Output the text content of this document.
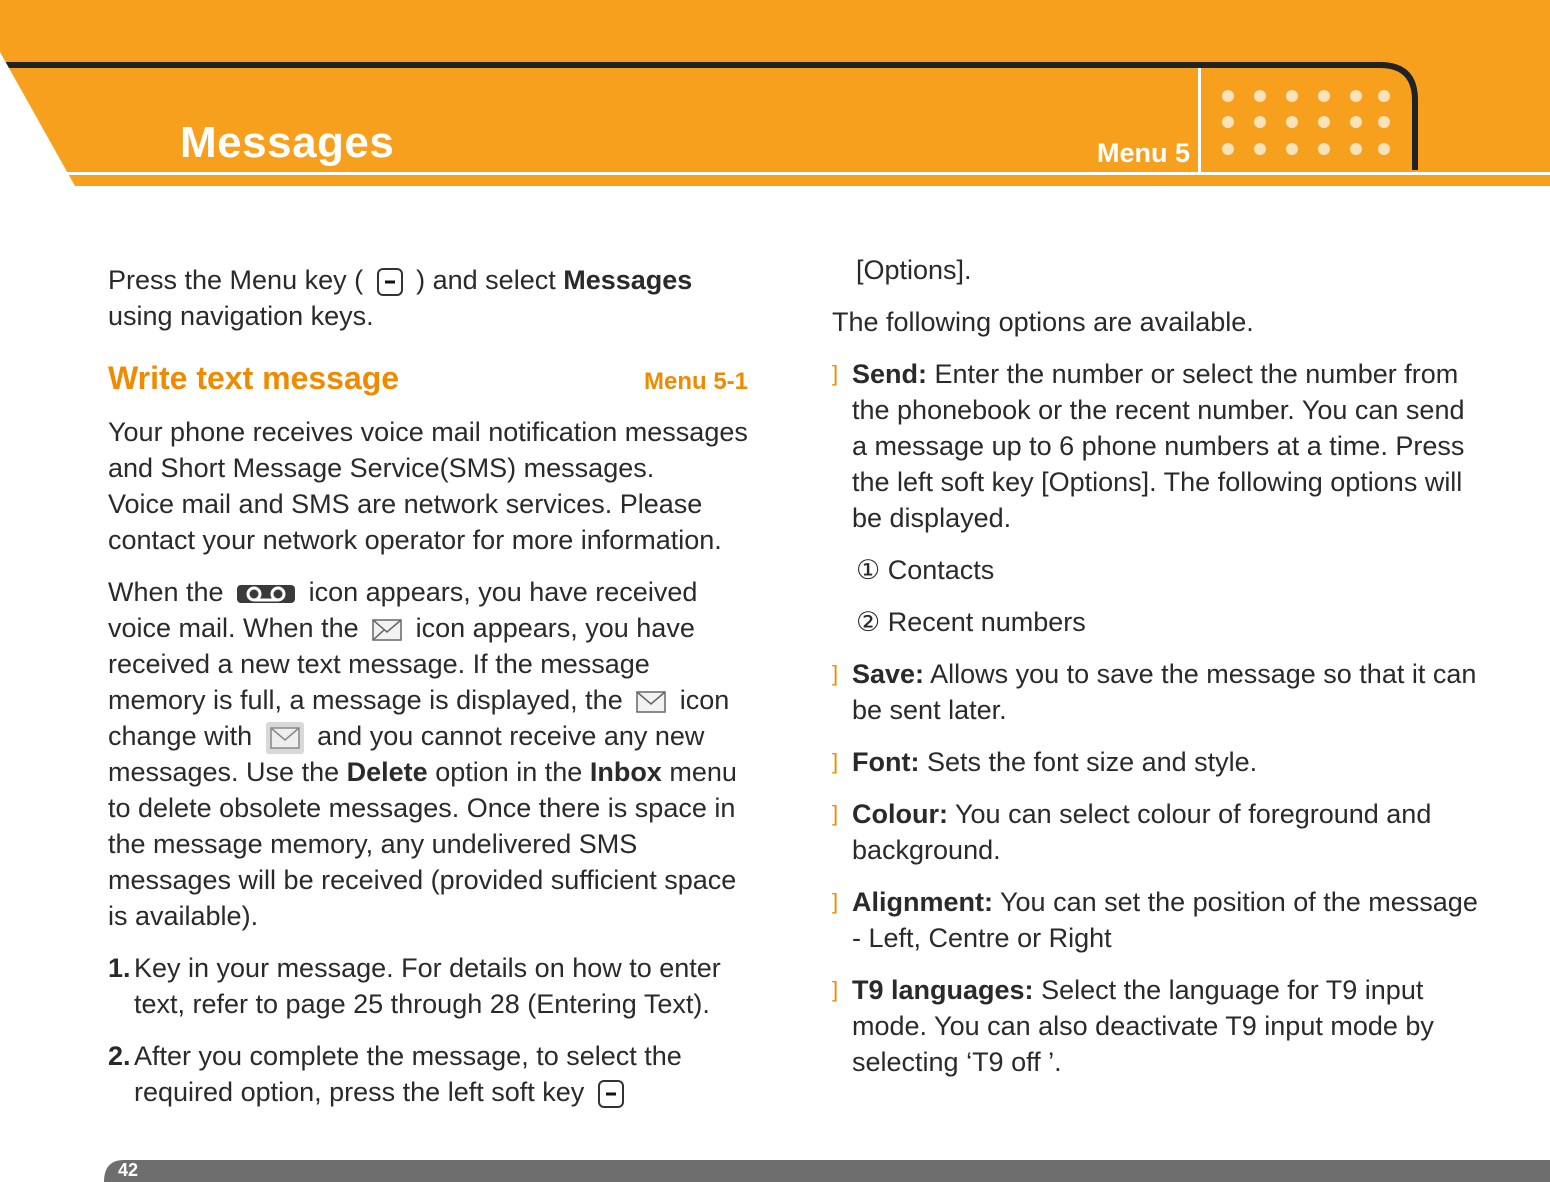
Messages	Menu 5

Press the Menu key ( ) and select Messages using navigation keys.

Write text message	Menu 5-1

Your phone receives voice mail notification messages and Short Message Service(SMS) messages.

Voice mail and SMS are network services. Please contact your network operator for more information.

When the	icon appears, you have received voice mail. When the icon appears, you have received a new text message. If the message memory is full, a message is displayed, the icon change with and you cannot receive any new messages. Use the Delete option in the Inbox menu to delete obsolete messages. Once there is space in the message memory, any undelivered SMS messages will be received (provided sufficient space is available).

1. Key in your message. For details on how to enter text, refer to page 25 through 28 (Entering Text).
2. After you complete the message, to select the required option, press the left soft key

[Options].

The following options are available.

] Send: Enter the number or select the number from the phonebook or the recent number. You can send a message up to 6 phone numbers at a time. Press the left soft key [Options]. The following options will be displayed.

① Contacts

② Recent numbers

] Save: Allows you to save the message so that it can be sent later.
] Font: Sets the font size and style.
] Colour: You can select colour of foreground and background.
] Alignment: You can set the position of the message - Left, Centre or Right
] T9 languages: Select the language for T9 input mode. You can also deactivate T9 input mode by selecting ‘T9 off ’.
42
